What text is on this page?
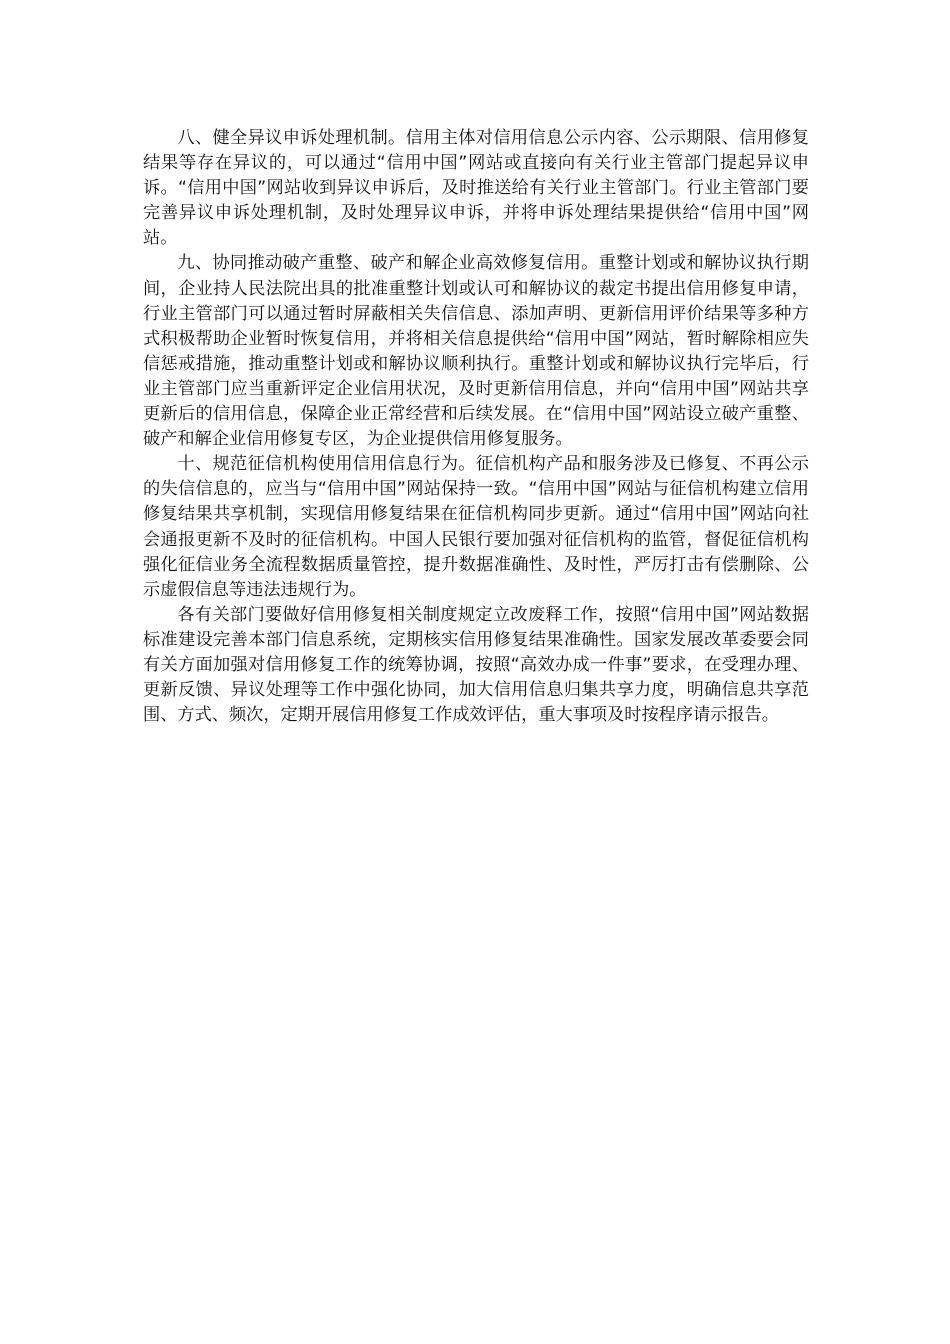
八、健全异议申诉处理机制。信用主体对信用信息公示内容、公示期限、信用修复结果等存在异议的，可以通过“信用中国”网站或直接向有关行业主管部门提起异议申诉。“信用中国”网站收到异议申诉后，及时推送给有关行业主管部门。行业主管部门要完善异议申诉处理机制，及时处理异议申诉，并将申诉处理结果提供给“信用中国”网站。

九、协同推动破产重整、破产和解企业高效修复信用。重整计划或和解协议执行期间，企业持人民法院出具的批准重整计划或认可和解协议的裁定书提出信用修复申请，行业主管部门可以通过暂时屏蔽相关失信信息、添加声明、更新信用评价结果等多种方式积极帮助企业暂时恢复信用，并将相关信息提供给“信用中国”网站，暂时解除相应失信惩戒措施，推动重整计划或和解协议顺利执行。重整计划或和解协议执行完毕后，行业主管部门应当重新评定企业信用状况，及时更新信用信息，并向“信用中国”网站共享更新后的信用信息，保障企业正常经营和后续发展。在“信用中国”网站设立破产重整、破产和解企业信用修复专区，为企业提供信用修复服务。

十、规范征信机构使用信用信息行为。征信机构产品和服务涉及已修复、不再公示的失信信息的，应当与“信用中国”网站保持一致。“信用中国”网站与征信机构建立信用修复结果共享机制，实现信用修复结果在征信机构同步更新。通过“信用中国”网站向社会通报更新不及时的征信机构。中国人民银行要加强对征信机构的监管，督促征信机构强化征信业务全流程数据质量管控，提升数据准确性、及时性，严厉打击有偿删除、公示虚假信息等违法违规行为。

各有关部门要做好信用修复相关制度规定立改废释工作，按照“信用中国”网站数据标准建设完善本部门信息系统，定期核实信用修复结果准确性。国家发展改革委要会同有关方面加强对信用修复工作的统筹协调，按照“高效办成一件事”要求，在受理办理、更新反馈、异议处理等工作中强化协同，加大信用信息归集共享力度，明确信息共享范围、方式、频次，定期开展信用修复工作成效评估，重大事项及时按程序请示报告。
